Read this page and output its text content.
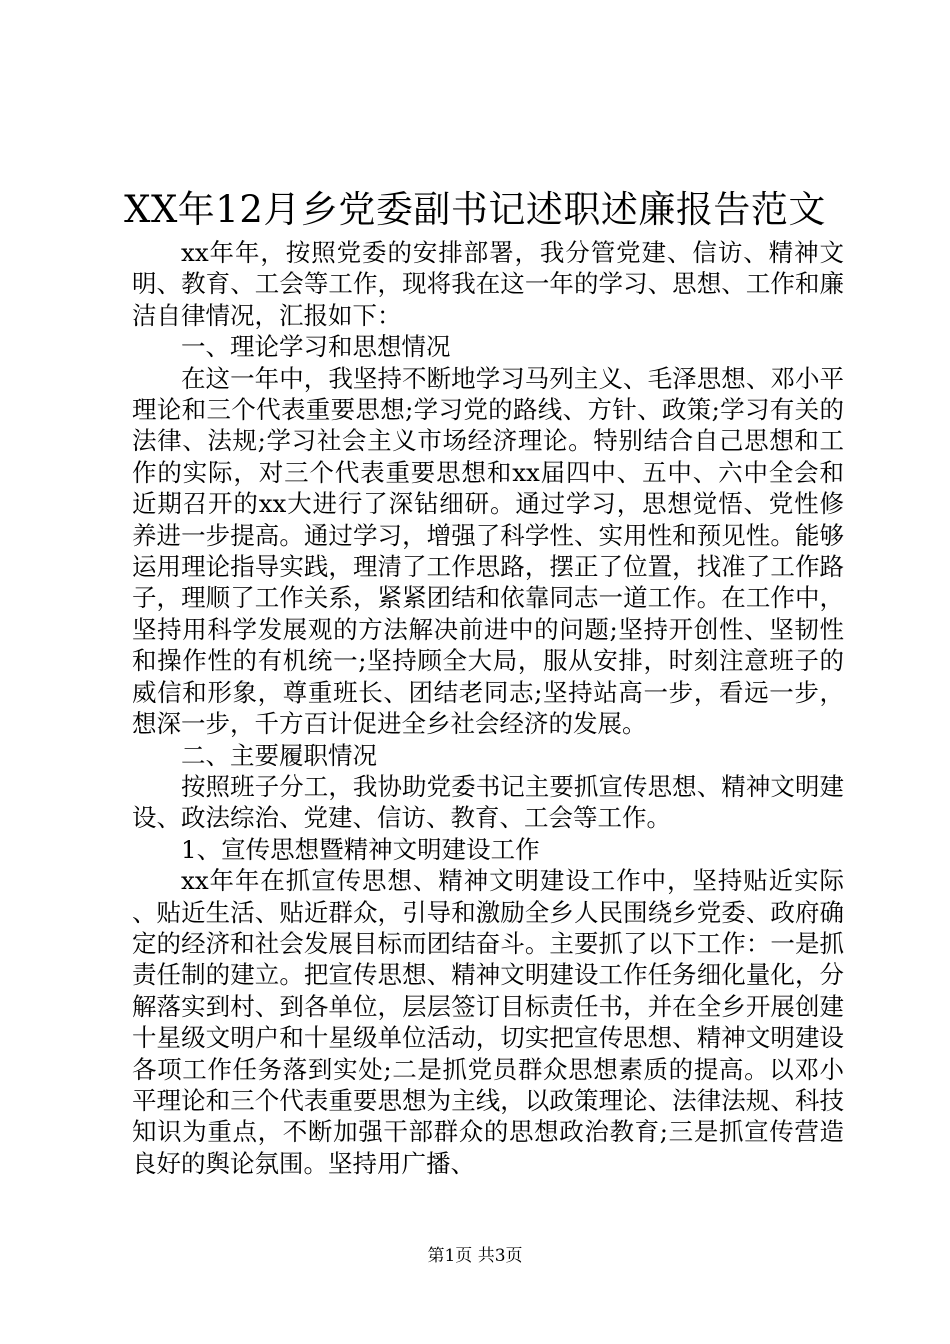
XX年12月乡党委副书记述职述廉报告范文

xx年年，按照党委的安排部署，我分管党建、信访、精神文明、教育、工会等工作，现将我在这一年的学习、思想、工作和廉洁自律情况，汇报如下：

一、理论学习和思想情况

在这一年中，我坚持不断地学习马列主义、毛泽思想、邓小平理论和三个代表重要思想;学习党的路线、方针、政策;学习有关的法律、法规;学习社会主义市场经济理论。特别结合自己思想和工作的实际，对三个代表重要思想和xx届四中、五中、六中全会和近期召开的xx大进行了深钻细研。通过学习，思想觉悟、党性修养进一步提高。通过学习，增强了科学性、实用性和预见性。能够运用理论指导实践，理清了工作思路，摆正了位置，找准了工作路子，理顺了工作关系，紧紧团结和依靠同志一道工作。在工作中，坚持用科学发展观的方法解决前进中的问题;坚持开创性、坚韧性和操作性的有机统一;坚持顾全大局，服从安排，时刻注意班子的威信和形象，尊重班长、团结老同志;坚持站高一步，看远一步，想深一步，千方百计促进全乡社会经济的发展。

二、主要履职情况

按照班子分工，我协助党委书记主要抓宣传思想、精神文明建设、政法综治、党建、信访、教育、工会等工作。

1、宣传思想暨精神文明建设工作

xx年年在抓宣传思想、精神文明建设工作中，坚持贴近实际、贴近生活、贴近群众，引导和激励全乡人民围绕乡党委、政府确定的经济和社会发展目标而团结奋斗。主要抓了以下工作：一是抓责任制的建立。把宣传思想、精神文明建设工作任务细化量化，分解落实到村、到各单位，层层签订目标责任书，并在全乡开展创建十星级文明户和十星级单位活动，切实把宣传思想、精神文明建设各项工作任务落到实处;二是抓党员群众思想素质的提高。以邓小平理论和三个代表重要思想为主线，以政策理论、法律法规、科技知识为重点，不断加强干部群众的思想政治教育;三是抓宣传营造良好的舆论氛围。坚持用广播、

第1页 共3页
